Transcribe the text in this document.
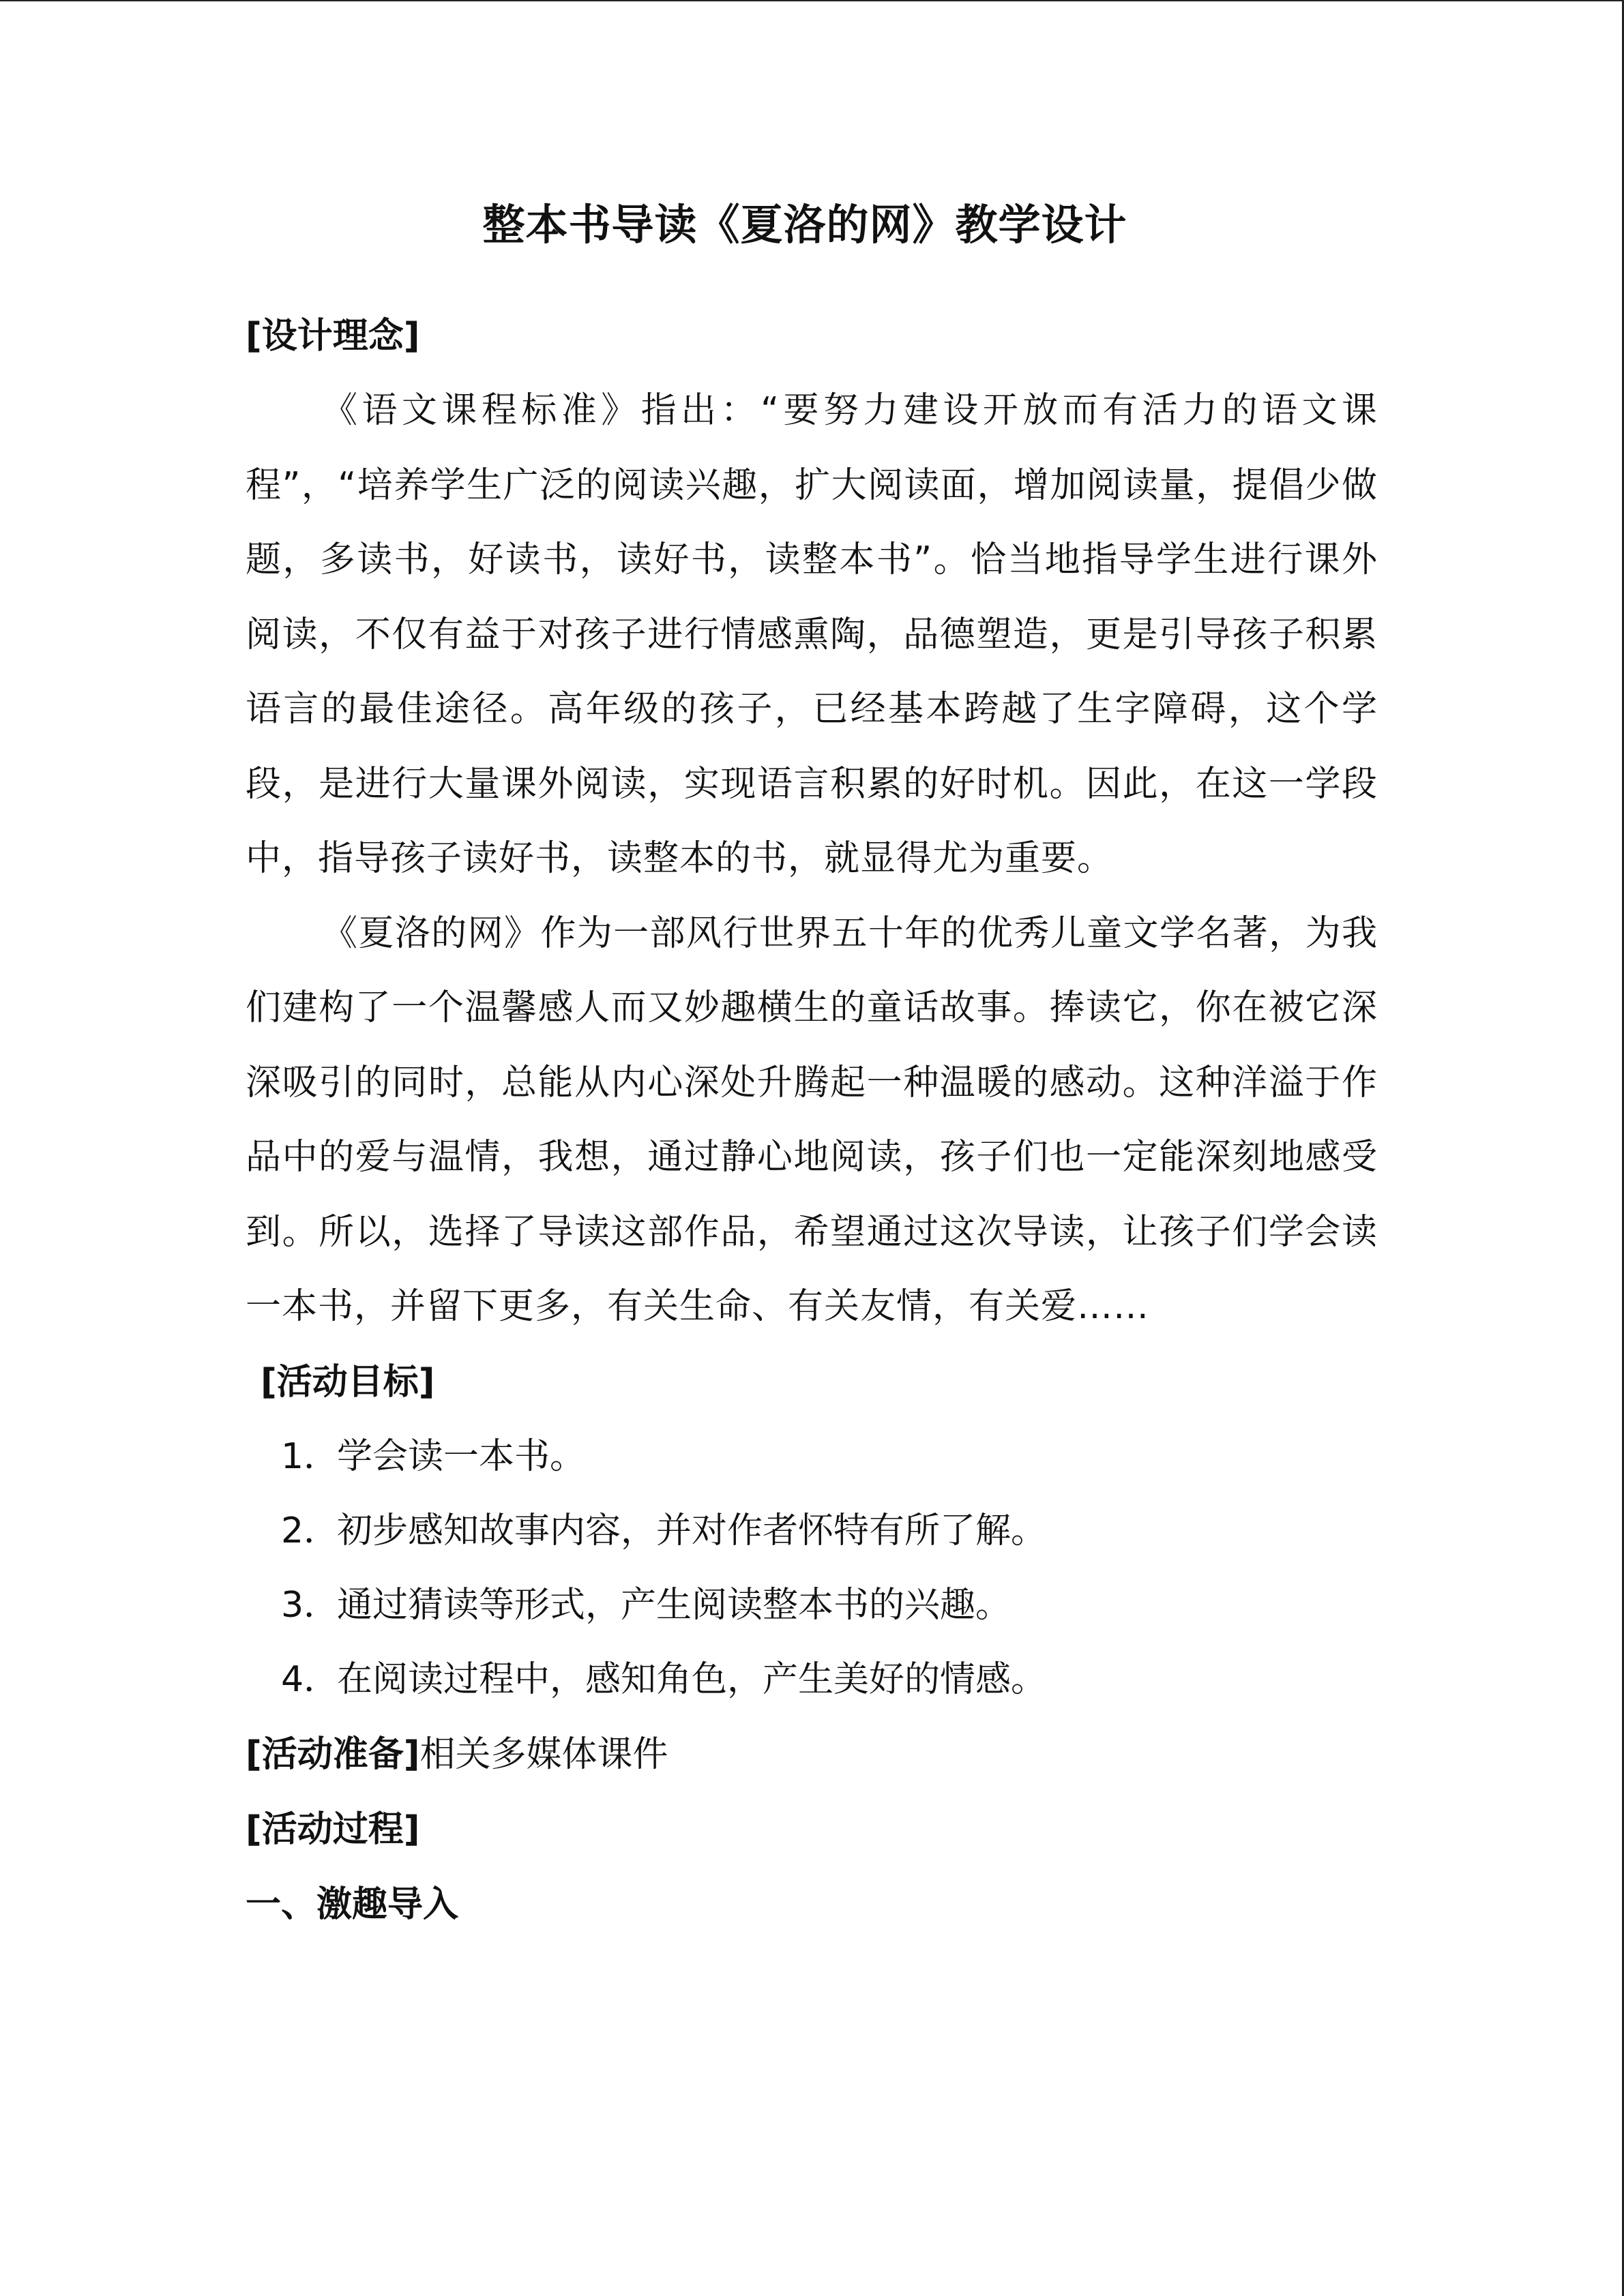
整本书导读《夏洛的网》教学设计
[设计理念]

《语文课程标准》指出：“要努力建设开放而有活力的语文课程”，“培养学生广泛的阅读兴趣，扩大阅读面，增加阅读量，提倡少做题，多读书，好读书，读好书，读整本书”。恰当地指导学生进行课外阅读，不仅有益于对孩子进行情感熏陶，品德塑造，更是引导孩子积累语言的最佳途径。高年级的孩子，已经基本跨越了生字障碍，这个学段，是进行大量课外阅读，实现语言积累的好时机。因此，在这一学段中，指导孩子读好书，读整本的书，就显得尤为重要。

《夏洛的网》作为一部风行世界五十年的优秀儿童文学名著，为我们建构了一个温馨感人而又妙趣横生的童话故事。捧读它，你在被它深深吸引的同时，总能从内心深处升腾起一种温暖的感动。这种洋溢于作品中的爱与温情，我想，通过静心地阅读，孩子们也一定能深刻地感受到。所以，选择了导读这部作品，希望通过这次导读，让孩子们学会读一本书，并留下更多，有关生命、有关友情，有关爱……

[活动目标]
1．学会读一本书。
2．初步感知故事内容，并对作者怀特有所了解。
3．通过猜读等形式，产生阅读整本书的兴趣。
4．在阅读过程中，感知角色，产生美好的情感。
[活动准备]相关多媒体课件
[活动过程]
一、激趣导入
